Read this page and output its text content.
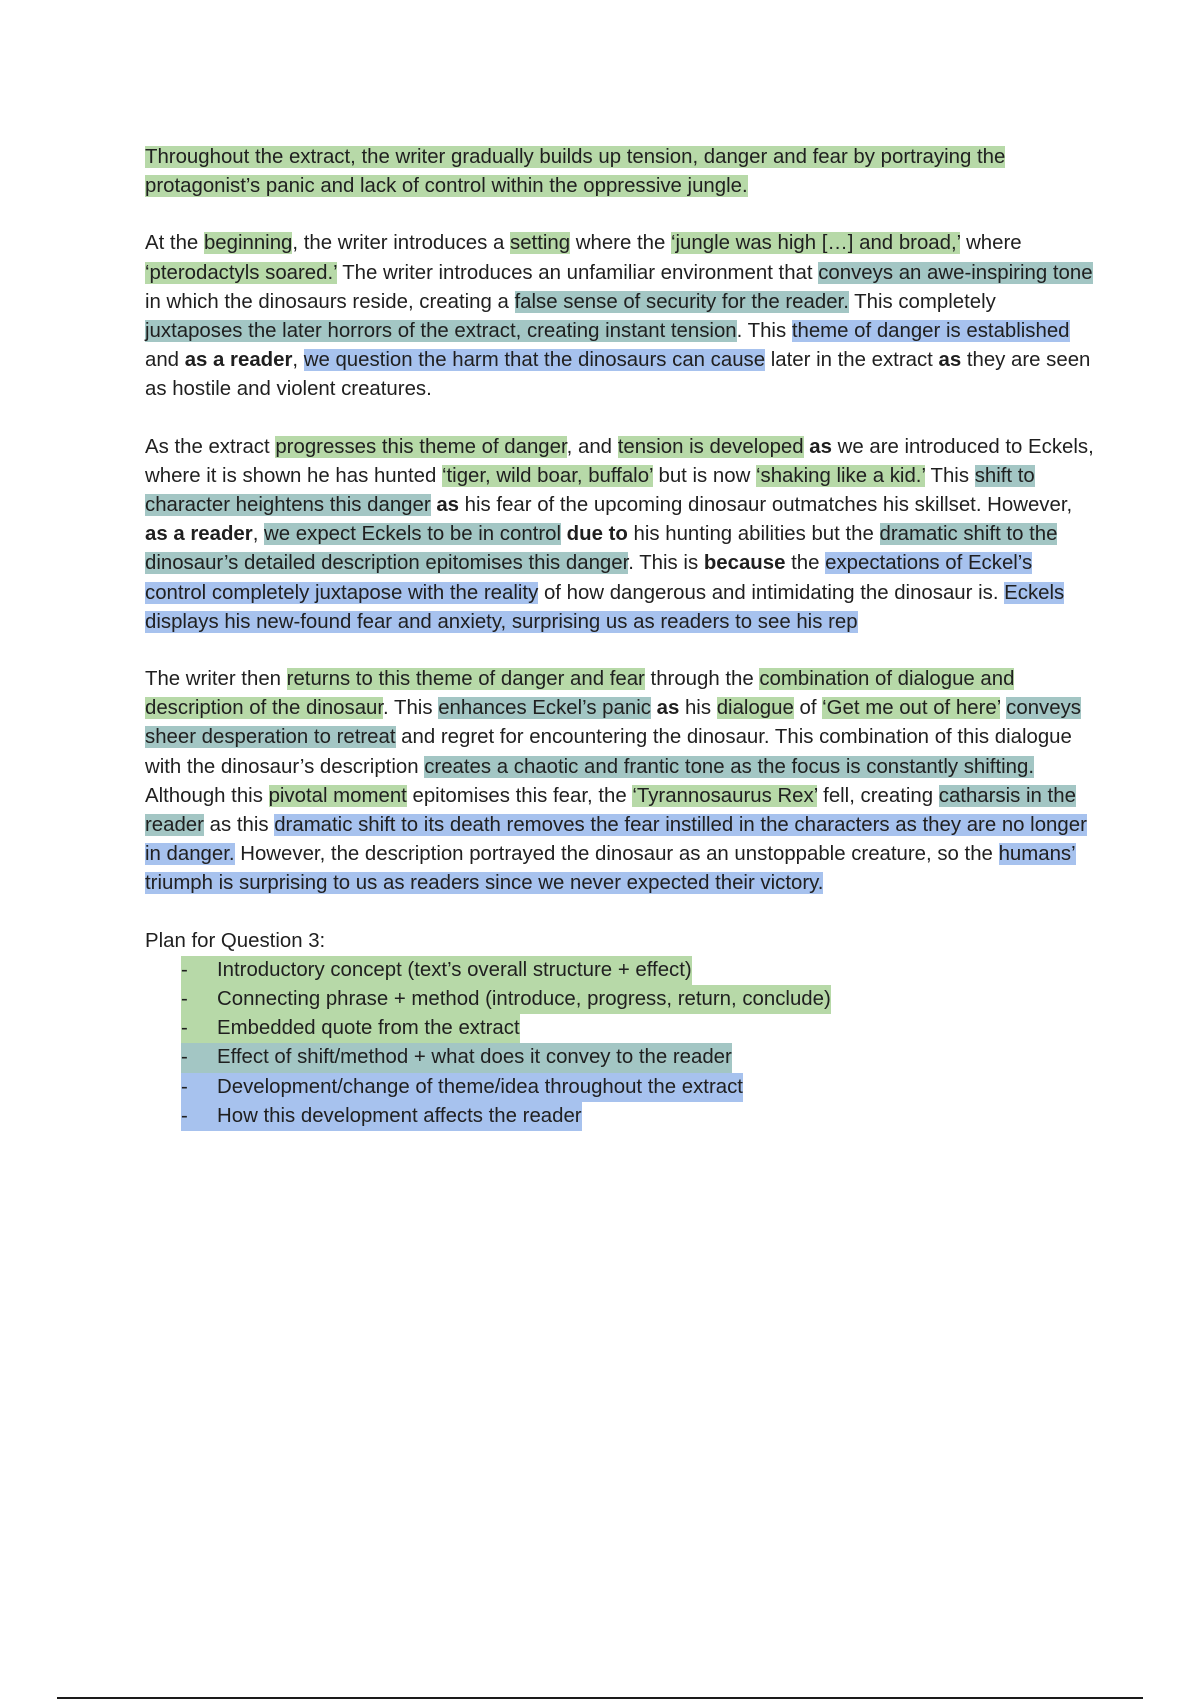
Throughout the extract, the writer gradually builds up tension, danger and fear by portraying the protagonist’s panic and lack of control within the oppressive jungle.

At the beginning, the writer introduces a setting where the ‘jungle was high […] and broad,’ where ‘pterodactyls soared.’ The writer introduces an unfamiliar environment that conveys an awe-inspiring tone in which the dinosaurs reside, creating a false sense of security for the reader. This completely juxtaposes the later horrors of the extract, creating instant tension. This theme of danger is established and as a reader, we question the harm that the dinosaurs can cause later in the extract as they are seen as hostile and violent creatures.

As the extract progresses this theme of danger, and tension is developed as we are introduced to Eckels, where it is shown he has hunted ‘tiger, wild boar, buffalo’ but is now ‘shaking like a kid.’ This shift to character heightens this danger as his fear of the upcoming dinosaur outmatches his skillset. However, as a reader, we expect Eckels to be in control due to his hunting abilities but the dramatic shift to the dinosaur’s detailed description epitomises this danger. This is because the expectations of Eckel’s control completely juxtapose with the reality of how dangerous and intimidating the dinosaur is. Eckels displays his new-found fear and anxiety, surprising us as readers to see his rep

The writer then returns to this theme of danger and fear through the combination of dialogue and description of the dinosaur. This enhances Eckel’s panic as his dialogue of ‘Get me out of here’ conveys sheer desperation to retreat and regret for encountering the dinosaur. This combination of this dialogue with the dinosaur’s description creates a chaotic and frantic tone as the focus is constantly shifting. Although this pivotal moment epitomises this fear, the ‘Tyrannosaurus Rex’ fell, creating catharsis in the reader as this dramatic shift to its death removes the fear instilled in the characters as they are no longer in danger. However, the description portrayed the dinosaur as an unstoppable creature, so the humans’ triumph is surprising to us as readers since we never expected their victory.

Plan for Question 3:

- Introductory concept (text’s overall structure + effect)
- Connecting phrase + method (introduce, progress, return, conclude)
- Embedded quote from the extract
- Effect of shift/method + what does it convey to the reader
- Development/change of theme/idea throughout the extract
- How this development affects the reader
